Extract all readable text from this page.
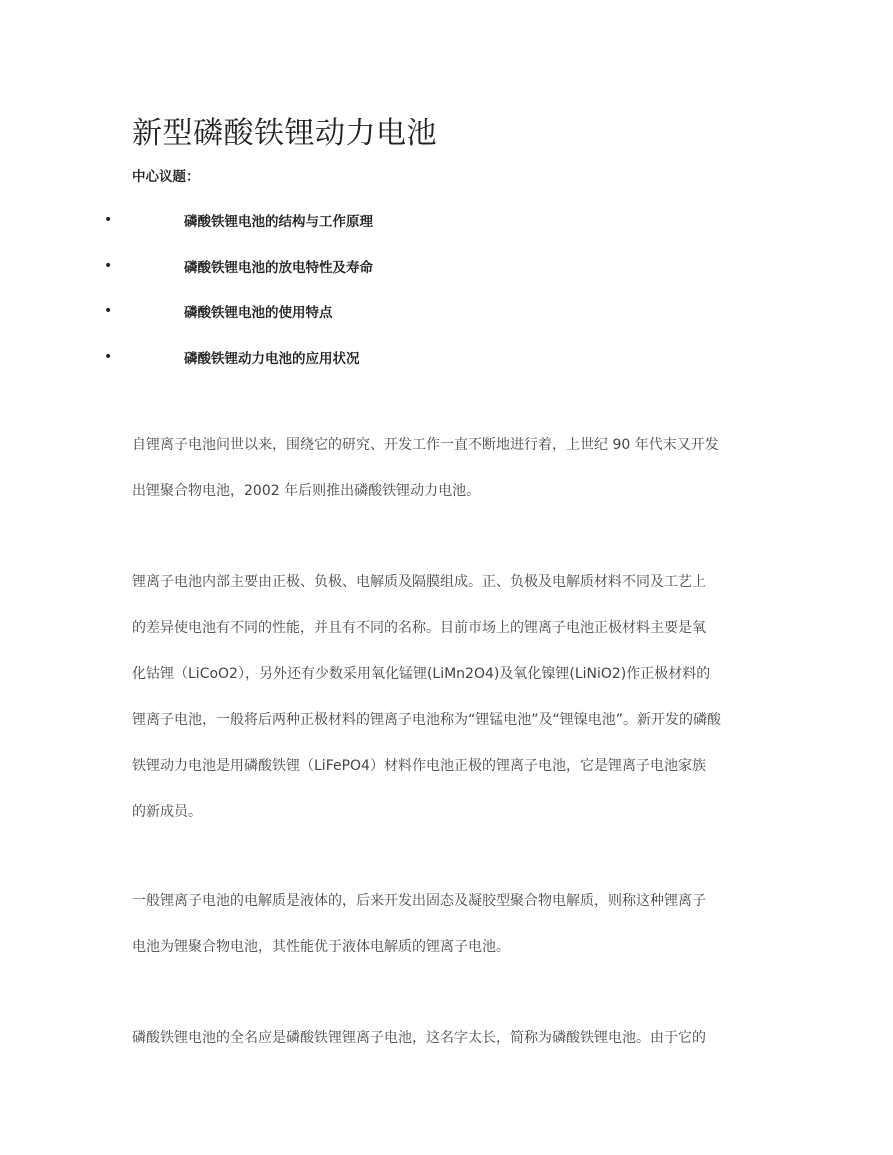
新型磷酸铁锂动力电池
中心议题：
•	磷酸铁锂电池的结构与工作原理
•	磷酸铁锂电池的放电特性及寿命
•	磷酸铁锂电池的使用特点
•	磷酸铁锂动力电池的应用状况
自锂离子电池问世以来，围绕它的研究、开发工作一直不断地进行着，上世纪 90 年代末又开发
出锂聚合物电池，2002 年后则推出磷酸铁锂动力电池。
锂离子电池内部主要由正极、负极、电解质及隔膜组成。正、负极及电解质材料不同及工艺上
的差异使电池有不同的性能，并且有不同的名称。目前市场上的锂离子电池正极材料主要是氧
化钴锂（LiCoO2），另外还有少数采用氧化锰锂(LiMn2O4)及氧化镍锂(LiNiO2)作正极材料的
锂离子电池，一般将后两种正极材料的锂离子电池称为“锂锰电池”及“锂镍电池”。新开发的磷酸
铁锂动力电池是用磷酸铁锂（LiFePO4）材料作电池正极的锂离子电池，它是锂离子电池家族
的新成员。
一般锂离子电池的电解质是液体的，后来开发出固态及凝胶型聚合物电解质，则称这种锂离子
电池为锂聚合物电池，其性能优于液体电解质的锂离子电池。
磷酸铁锂电池的全名应是磷酸铁锂锂离子电池，这名字太长，简称为磷酸铁锂电池。由于它的
